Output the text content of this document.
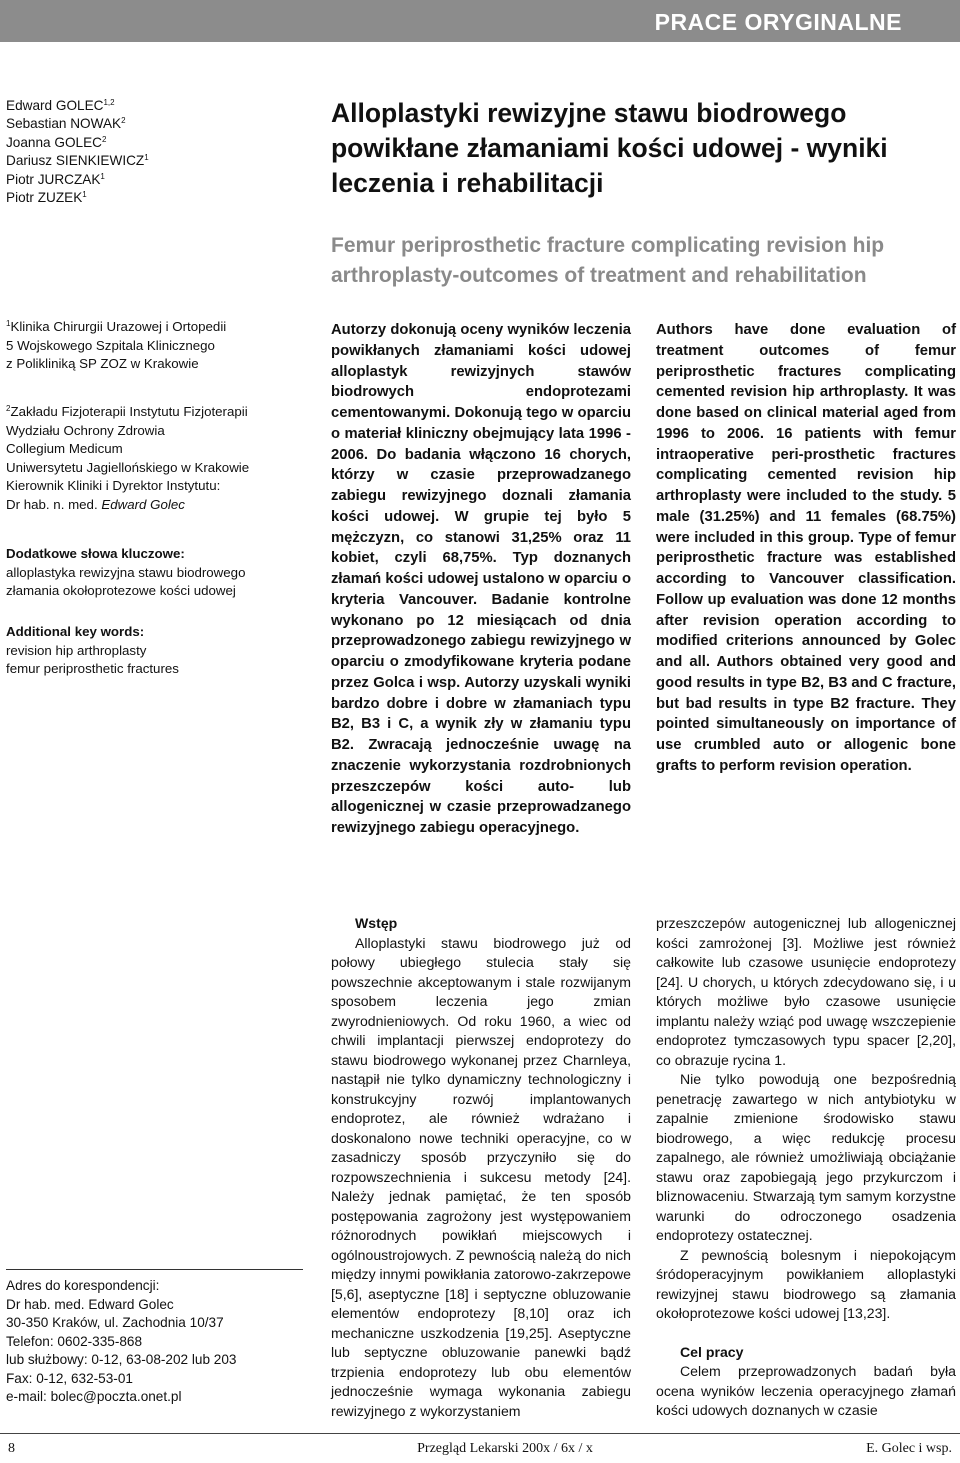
PRACE ORYGINALNE
Edward GOLEC$^{1,2}$
Sebastian NOWAK$^2$
Joanna GOLEC$^2$
Dariusz SIENKIEWICZ$^1$
Piotr JURCZAK$^1$
Piotr ZUZEK$^1$
Alloplastyki rewizyjne stawu biodrowego powikłane złamaniami kości udowej - wyniki leczenia i rehabilitacji
Femur periprosthetic fracture complicating revision hip arthroplasty-outcomes of treatment and rehabilitation
$^1$Klinika Chirurgii Urazowej i Ortopedii
5 Wojskowego Szpitala Klinicznego
z Polikliniką SP ZOZ w Krakowie
$^2$Zakładu Fizjoterapii Instytutu Fizjoterapii
Wydziału Ochrony Zdrowia
Collegium Medicum
Uniwersytetu Jagiellońskiego w Krakowie
Kierownik Kliniki i Dyrektor Instytutu:
Dr hab. n. med. Edward Golec
Dodatkowe słowa kluczowe:
alloplastyka rewizyjna stawu biodrowego
złamania okołoprotezowe kości udowej
Additional key words:
revision hip arthroplasty
femur periprosthetic fractures
Autorzy dokonują oceny wyników leczenia powikłanych złamaniami kości udowej alloplastyk rewizyjnych stawów biodrowych endoprotezami cementowanymi. Dokonują tego w oparciu o materiał kliniczny obejmujący lata 1996 - 2006. Do badania włączono 16 chorych, którzy w czasie przeprowadzanego zabiegu rewizyjnego doznali złamania kości udowej. W grupie tej było 5 mężczyzn, co stanowi 31,25% oraz 11 kobiet, czyli 68,75%. Typ doznanych złamań kości udowej ustalono w oparciu o kryteria Vancouver. Badanie kontrolne wykonano po 12 miesiącach od dnia przeprowadzonego zabiegu rewizyjnego w oparciu o zmodyfikowane kryteria podane przez Golca i wsp. Autorzy uzyskali wyniki bardzo dobre i dobre w złamaniach typu B2, B3 i C, a wynik zły w złamaniu typu B2. Zwracają jednocześnie uwagę na znaczenie wykorzystania rozdrobnionych przeszczepów kości auto- lub allogenicznej w czasie przeprowadzanego rewizyjnego zabiegu operacyjnego.
Authors have done evaluation of treatment outcomes of femur periprosthetic fractures complicating cemented revision hip arthroplasty. It was done based on clinical material aged from 1996 to 2006. 16 patients with femur intraoperative peri-prosthetic fractures complicating cemented revision hip arthroplasty were included to the study. 5 male (31.25%) and 11 females (68.75%) were included in this group. Type of femur periprosthetic fracture was established according to Vancouver classification. Follow up evaluation was done 12 months after revision operation according to modified criterions announced by Golec and all. Authors obtained very good and good results in type B2, B3 and C fracture, but bad results in type B2 fracture. They pointed simultaneously on importance of use crumbled auto or allogenic bone grafts to perform revision operation.
Wstęp

Alloplastyki stawu biodrowego już od połowy ubiegłego stulecia stały się powszechnie akceptowanym i stale rozwijanym sposobem leczenia jego zmian zwyrodnieniowych. Od roku 1960, a wiec od chwili implantacji pierwszej endoprotezy do stawu biodrowego wykonanej przez Charnleya, nastąpił nie tylko dynamiczny technologiczny i konstrukcyjny rozwój implantowanych endoprotez, ale również wdrażano i doskonalono nowe techniki operacyjne, co w zasadniczy sposób przyczyniło się do rozpowszechnienia i sukcesu metody [24]. Należy jednak pamiętać, że ten sposób postępowania zagrożony jest występowaniem różnorodnych powikłań miejscowych i ogólnoustrojowych. Z pewnością należą do nich między innymi powikłania zatorowo-zakrzepowe [5,6], aseptyczne [18] i septyczne obluzowanie elementów endoprotezy [8,10] oraz ich mechaniczne uszkodzenia [19,25]. Aseptyczne lub septyczne obluzowanie panewki bądź trzpienia endoprotezy lub obu elementów jednocześnie wymaga wykonania zabiegu rewizyjnego z wykorzystaniem

przeszczepów autogenicznej lub allogenicznej kości zamrożonej [3]. Możliwe jest również całkowite lub czasowe usunięcie endoprotezy [24]. U chorych, u których zdecydowano się, i u których możliwe było czasowe usunięcie implantu należy wziąć pod uwagę wszczepienie endoprotez tymczasowych typu spacer [2,20], co obrazuje rycina 1.

Nie tylko powodują one bezpośrednią penetrację zawartego w nich antybiotyku w zapalnie zmienione środowisko stawu biodrowego, a więc redukcję procesu zapalnego, ale również umożliwiają obciążanie stawu oraz zapobiegają jego przykurczom i bliznowaceniu. Stwarzają tym samym korzystne warunki do odroczonego osadzenia endoprotezy ostatecznej.

Z pewnością bolesnym i niepokojącym śródoperacyjnym powikłaniem alloplastyki rewizyjnej stawu biodrowego są złamania okołoprotezowe kości udowej [13,23].

Cel pracy

Celem przeprowadzonych badań była ocena wyników leczenia operacyjnego złamań kości udowych doznanych w czasie

Adres do korespondencji:
Dr hab. med. Edward Golec
30-350 Kraków, ul. Zachodnia 10/37
Telefon: 0602-335-868
lub służbowy: 0-12, 63-08-202 lub 203
Fax: 0-12, 632-53-01
e-mail: bolec@poczta.onet.pl
8	Przegląd Lekarski 200x / 6x / x	E. Golec i wsp.
